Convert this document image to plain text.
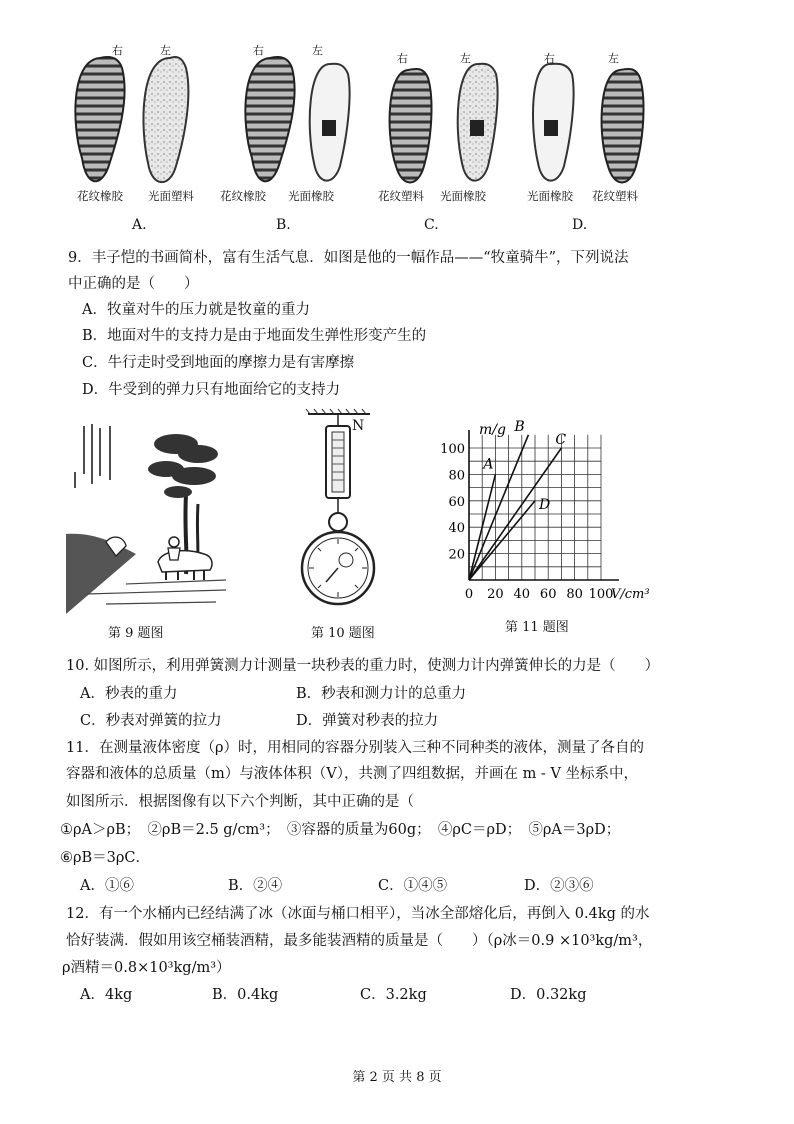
右	左	右	左
右	左	右	左
花纹橡胶	光面塑料	花纹橡胶	光面橡胶	花纹塑料	光面橡胶	光面橡胶	花纹塑料
A.	B.	C.	D.
9．丰子恺的书画简朴，富有生活气息．如图是他的一幅作品——“牧童骑牛”，下列说法
中正确的是（　　）
A．牧童对牛的压力就是牧童的重力
B．地面对牛的支持力是由于地面发生弹性形变产生的
C．牛行走时受到地面的摩擦力是有害摩擦
D．牛受到的弹力只有地面给它的支持力
第 9 题图
N
第 10 题图
0 20 40 60 80 100
20
40
60
80
100
m/g
V/cm³
A
B
C
D
第 11 题图
10. 如图所示，利用弹簧测力计测量一块秒表的重力时，使测力计内弹簧伸长的力是（　　）
A．秒表的重力	B．秒表和测力计的总重力
C．秒表对弹簧的拉力	D．弹簧对秒表的拉力
11．在测量液体密度（ρ）时，用相同的容器分别装入三种不同种类的液体，测量了各自的
容器和液体的总质量（m）与液体体积（V），共测了四组数据，并画在 m - V 坐标系中，
如图所示．根据图像有以下六个判断，其中正确的是（
①ρA＞ρB；　②ρB＝2.5 g/cm³；　③容器的质量为60g；　④ρC＝ρD；　⑤ρA＝3ρD；
⑥ρB＝3ρC．
A．①⑥	B．②④	C．①④⑤	D．②③⑥
12．有一个水桶内已经结满了冰（冰面与桶口相平），当冰全部熔化后，再倒入 0.4kg 的水
恰好装满．假如用该空桶装酒精，最多能装酒精的质量是（　　）（ρ冰＝0.9 ×10³kg/m³，
ρ酒精＝0.8×10³kg/m³）
A．4kg	B．0.4kg	C．3.2kg	D．0.32kg
第 2 页 共 8 页
